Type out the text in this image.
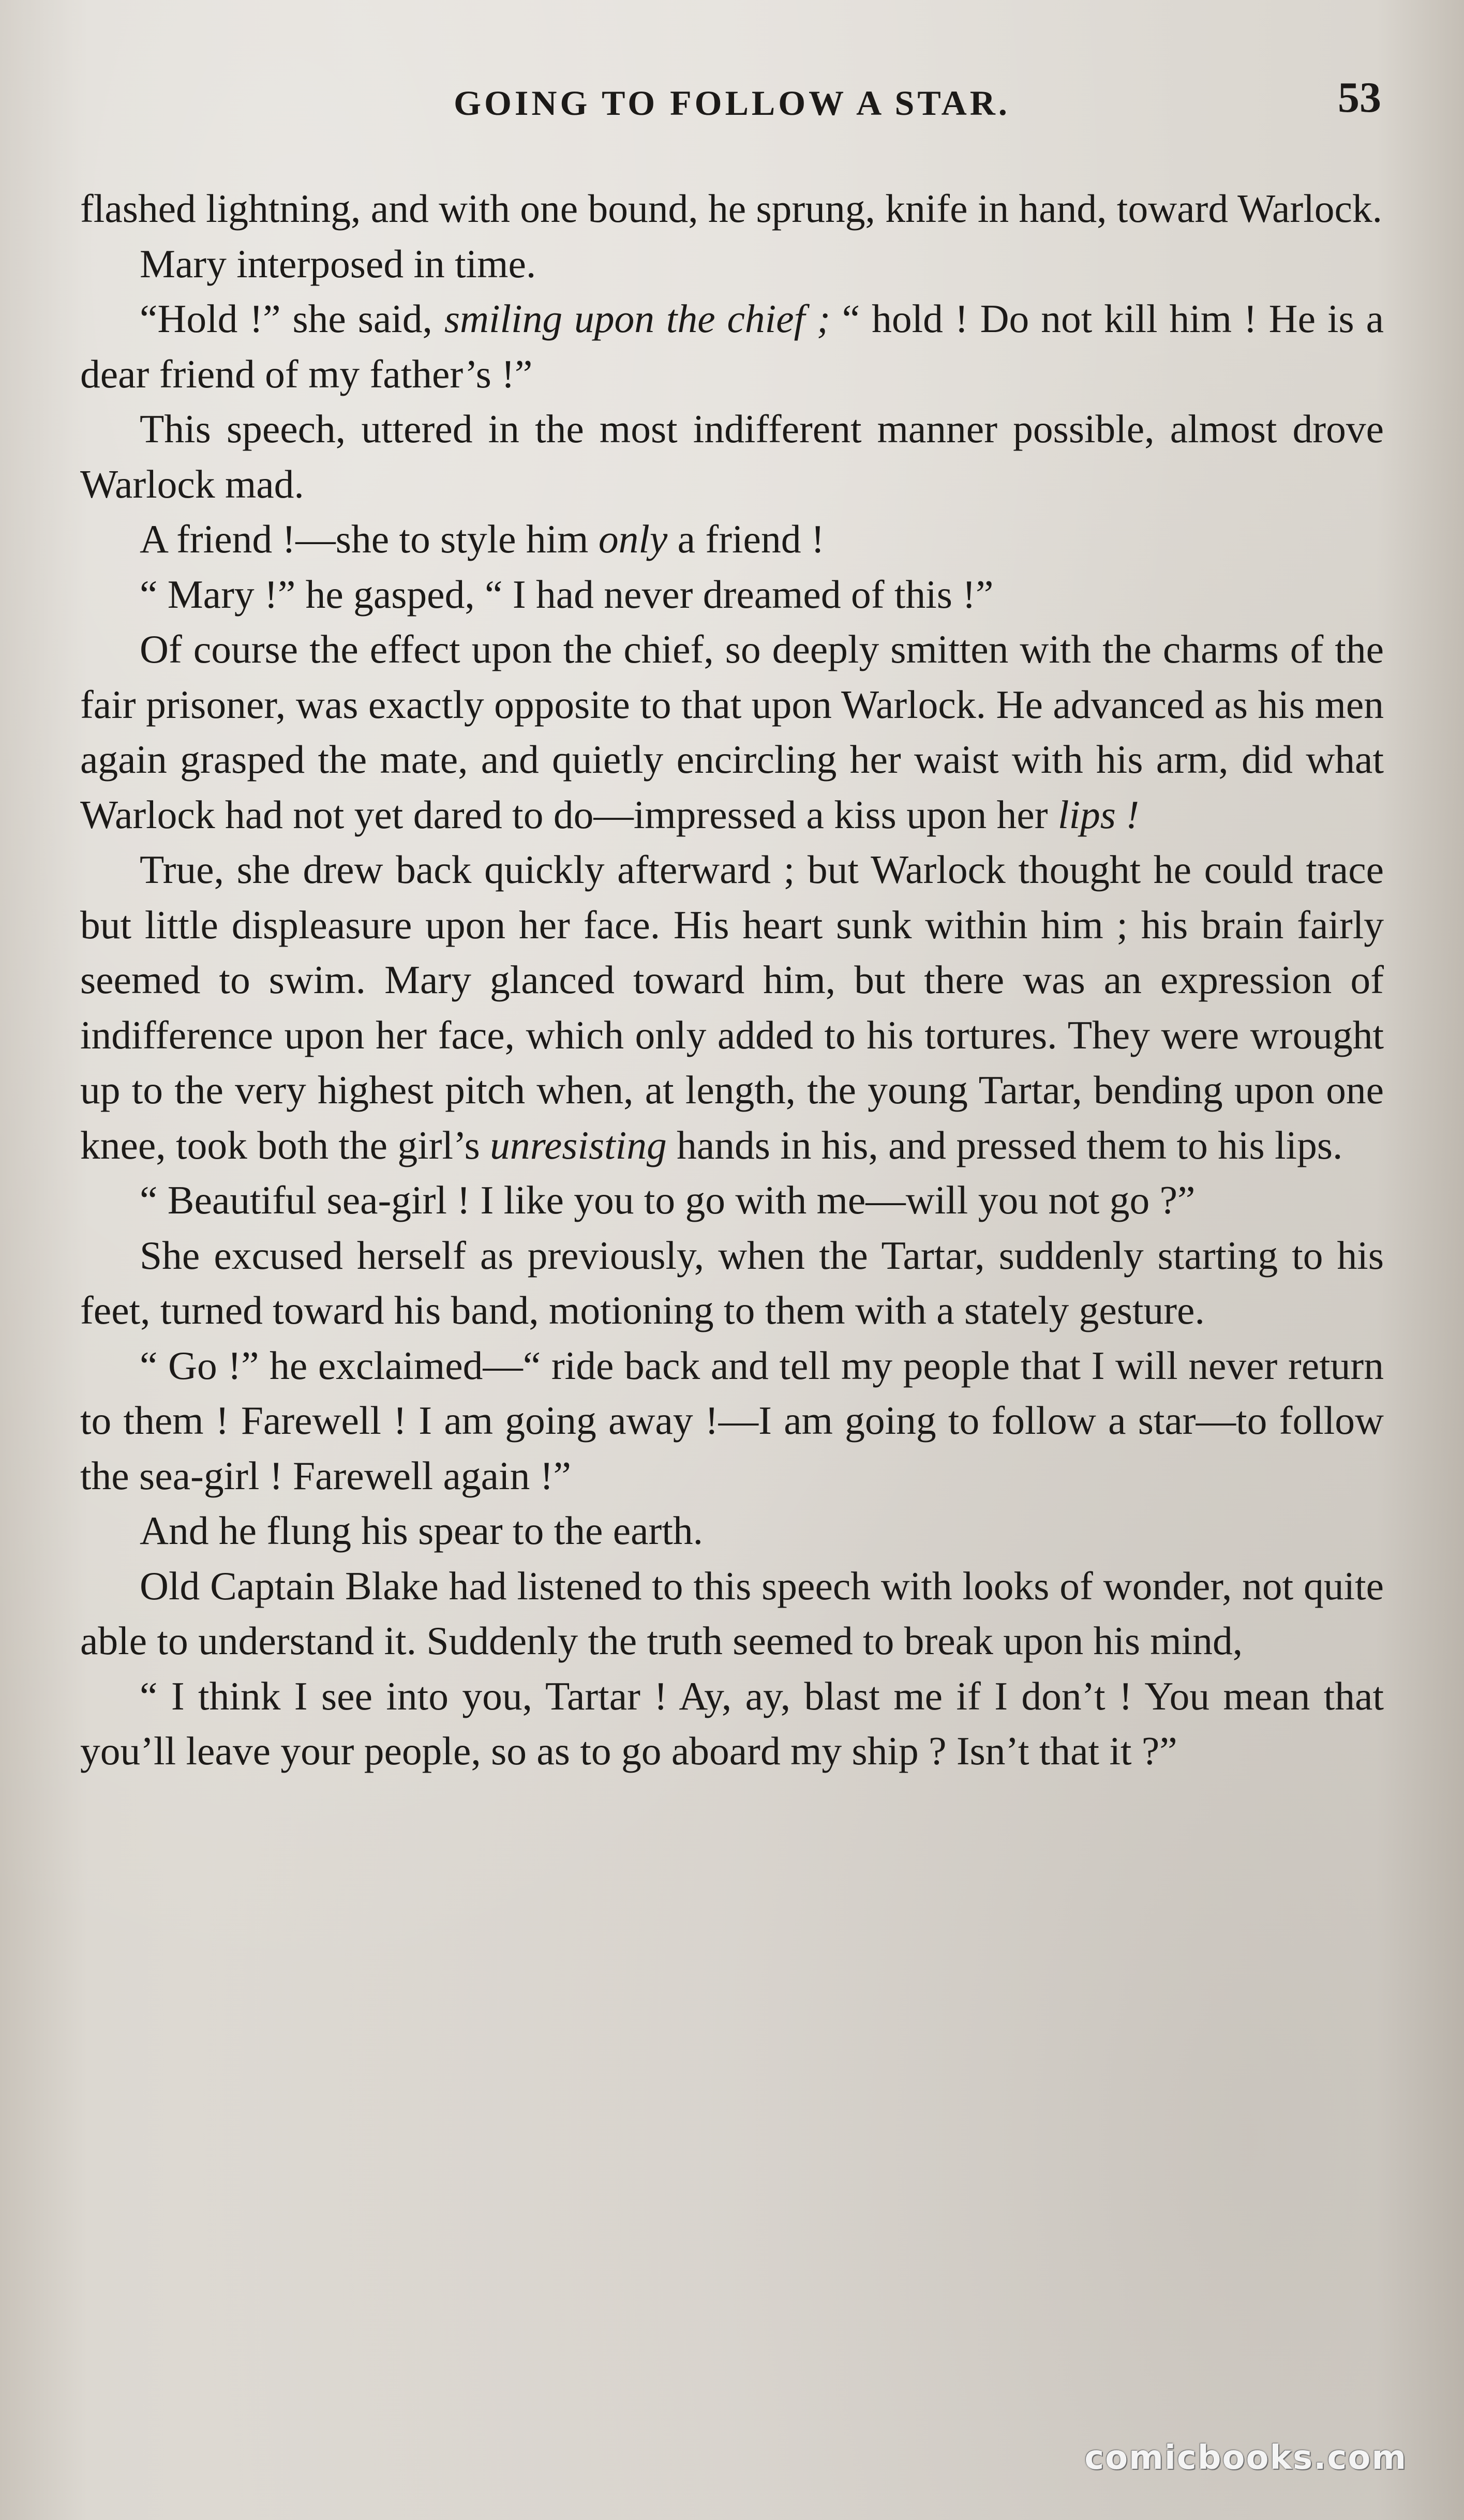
GOING TO FOLLOW A STAR.	53

flashed lightning, and with one bound, he sprung, knife in hand, toward Warlock.

Mary interposed in time.

“Hold !” she said, smiling upon the chief ; “ hold ! Do not kill him ! He is a dear friend of my father’s !”

This speech, uttered in the most indifferent manner possible, almost drove Warlock mad.

A friend !—she to style him only a friend !

“ Mary !” he gasped, “ I had never dreamed of this !”

Of course the effect upon the chief, so deeply smitten with the charms of the fair prisoner, was exactly opposite to that upon Warlock. He advanced as his men again grasped the mate, and quietly encircling her waist with his arm, did what Warlock had not yet dared to do—impressed a kiss upon her lips !

True, she drew back quickly afterward ; but Warlock thought he could trace but little displeasure upon her face. His heart sunk within him ; his brain fairly seemed to swim. Mary glanced toward him, but there was an expression of indifference upon her face, which only added to his tortures. They were wrought up to the very highest pitch when, at length, the young Tartar, bending upon one knee, took both the girl’s unresisting hands in his, and pressed them to his lips.

“ Beautiful sea-girl ! I like you to go with me—will you not go ?”

She excused herself as previously, when the Tartar, suddenly starting to his feet, turned toward his band, motioning to them with a stately gesture.

“ Go !” he exclaimed—“ ride back and tell my people that I will never return to them ! Farewell ! I am going away !—I am going to follow a star—to follow the sea-girl ! Farewell again !”

And he flung his spear to the earth.

Old Captain Blake had listened to this speech with looks of wonder, not quite able to understand it. Suddenly the truth seemed to break upon his mind,

“ I think I see into you, Tartar ! Ay, ay, blast me if I don’t ! You mean that you’ll leave your people, so as to go aboard my ship ? Isn’t that it ?”

comicbooks.com
